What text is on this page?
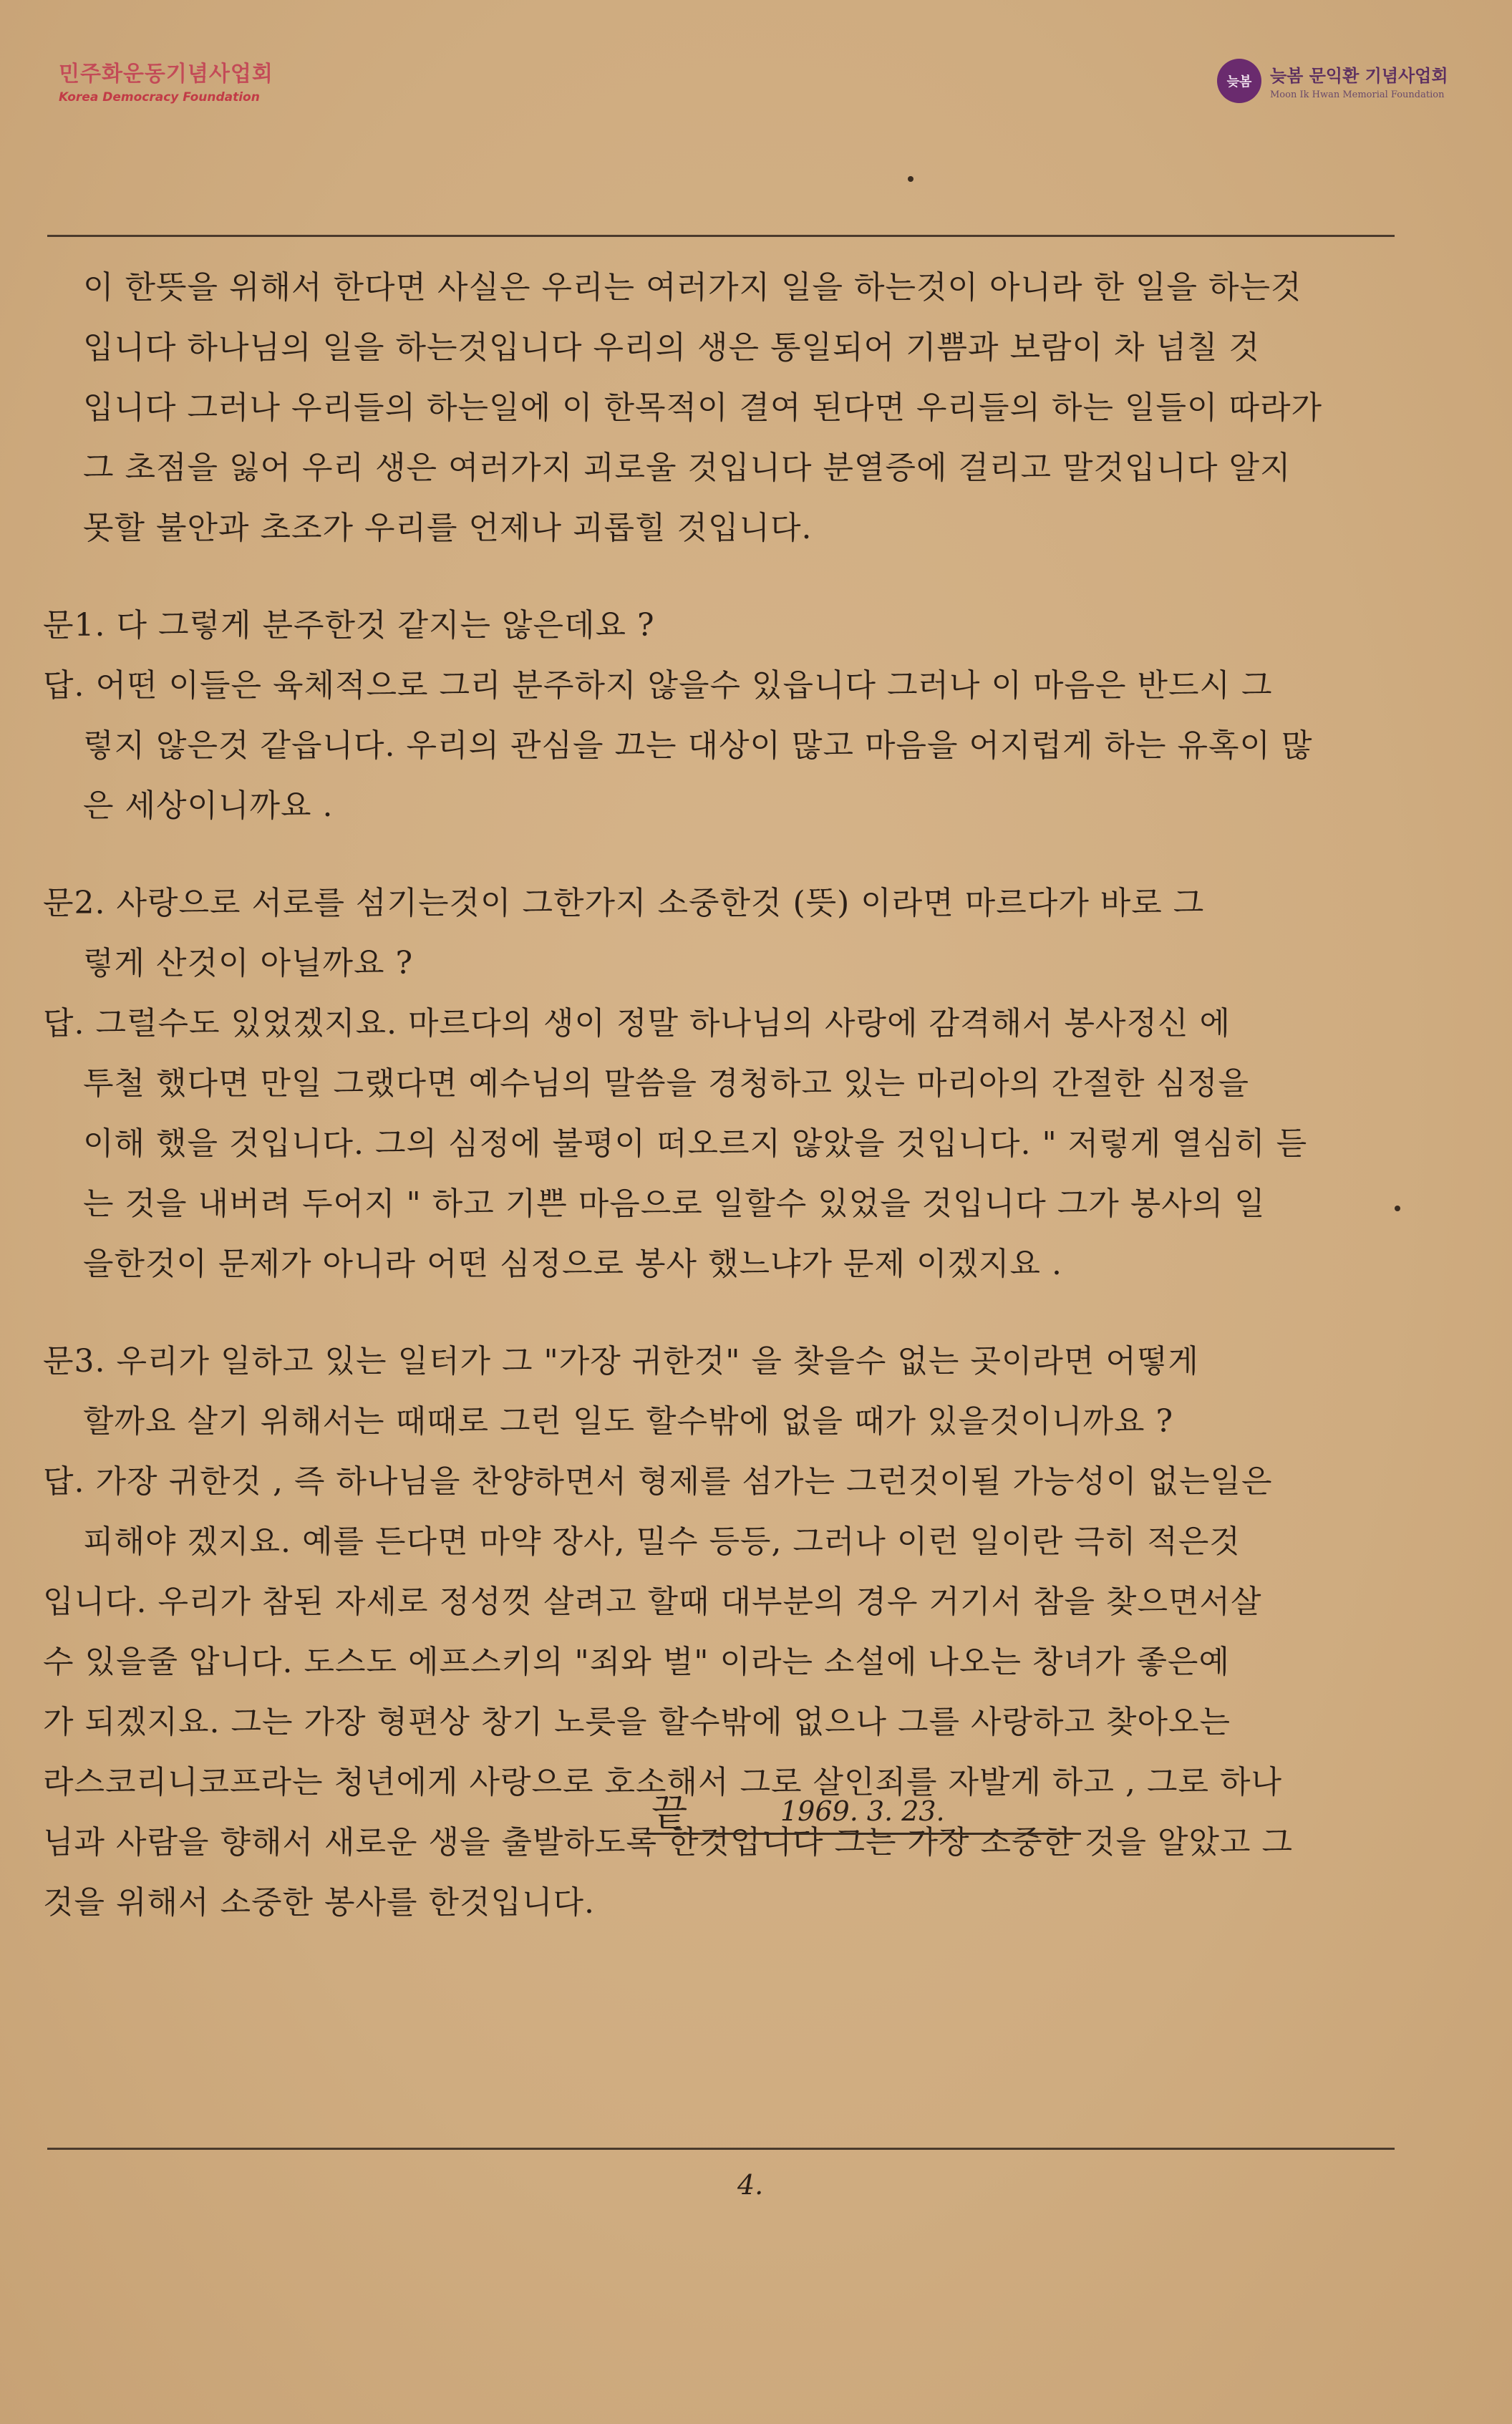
민주화운동기념사업회
Korea Democracy Foundation
늦봄	늦봄 문익환 기념사업회
Moon Ik Hwan Memorial Foundation
이 한뜻을 위해서 한다면 사실은 우리는 여러가지 일을 하는것이 아니라 한 일을 하는것
입니다 하나님의 일을 하는것입니다 우리의 생은 통일되어 기쁨과 보람이 차 넘칠 것
입니다 그러나 우리들의 하는일에 이 한목적이 결여 된다면 우리들의 하는 일들이 따라가
그 초점을 잃어 우리 생은 여러가지 괴로울 것입니다 분열증에 걸리고 말것입니다 알지
못할 불안과 초조가 우리를 언제나 괴롭힐 것입니다.
문1. 다 그렇게 분주한것 같지는 않은데요 ?
답. 어떤 이들은 육체적으로 그리 분주하지 않을수 있읍니다 그러나 이 마음은 반드시 그
렇지 않은것 같읍니다. 우리의 관심을 끄는 대상이 많고 마음을 어지럽게 하는 유혹이 많
은 세상이니까요 .
문2. 사랑으로 서로를 섬기는것이 그한가지 소중한것 (뜻) 이라면 마르다가 바로 그
렇게 산것이 아닐까요 ?
답. 그럴수도 있었겠지요. 마르다의 생이 정말 하나님의 사랑에 감격해서 봉사정신 에
투철 했다면 만일 그랬다면 예수님의 말씀을 경청하고 있는 마리아의 간절한 심정을
이해 했을 것입니다. 그의 심정에 불평이 떠오르지 않았을 것입니다. " 저렇게 열심히 듣
는 것을 내버려 두어지 " 하고 기쁜 마음으로 일할수 있었을 것입니다 그가 봉사의 일
을한것이 문제가 아니라 어떤 심정으로 봉사 했느냐가 문제 이겠지요 .
문3. 우리가 일하고 있는 일터가 그 "가장 귀한것" 을 찾을수 없는 곳이라면 어떻게
할까요 살기 위해서는 때때로 그런 일도 할수밖에 없을 때가 있을것이니까요 ?
답. 가장 귀한것 , 즉 하나님을 찬양하면서 형제를 섬가는 그런것이될 가능성이 없는일은
피해야 겠지요. 예를 든다면 마약 장사, 밀수 등등, 그러나 이런 일이란 극히 적은것
입니다. 우리가 참된 자세로 정성껏 살려고 할때 대부분의 경우 거기서 참을 찾으면서살
수 있을줄 압니다. 도스도 에프스키의 "죄와 벌" 이라는 소설에 나오는 창녀가 좋은예
가 되겠지요. 그는 가장 형편상 창기 노릇을 할수밖에 없으나 그를 사랑하고 찾아오는
라스코리니코프라는 청년에게 사랑으로 호소해서 그로 살인죄를 자발게 하고 , 그로 하나
님과 사람을 향해서 새로운 생을 출발하도록 한것입니다 그는 가장 소중한 것을 알았고 그
것을 위해서 소중한 봉사를 한것입니다.
끝	1969. 3. 23.
4.
